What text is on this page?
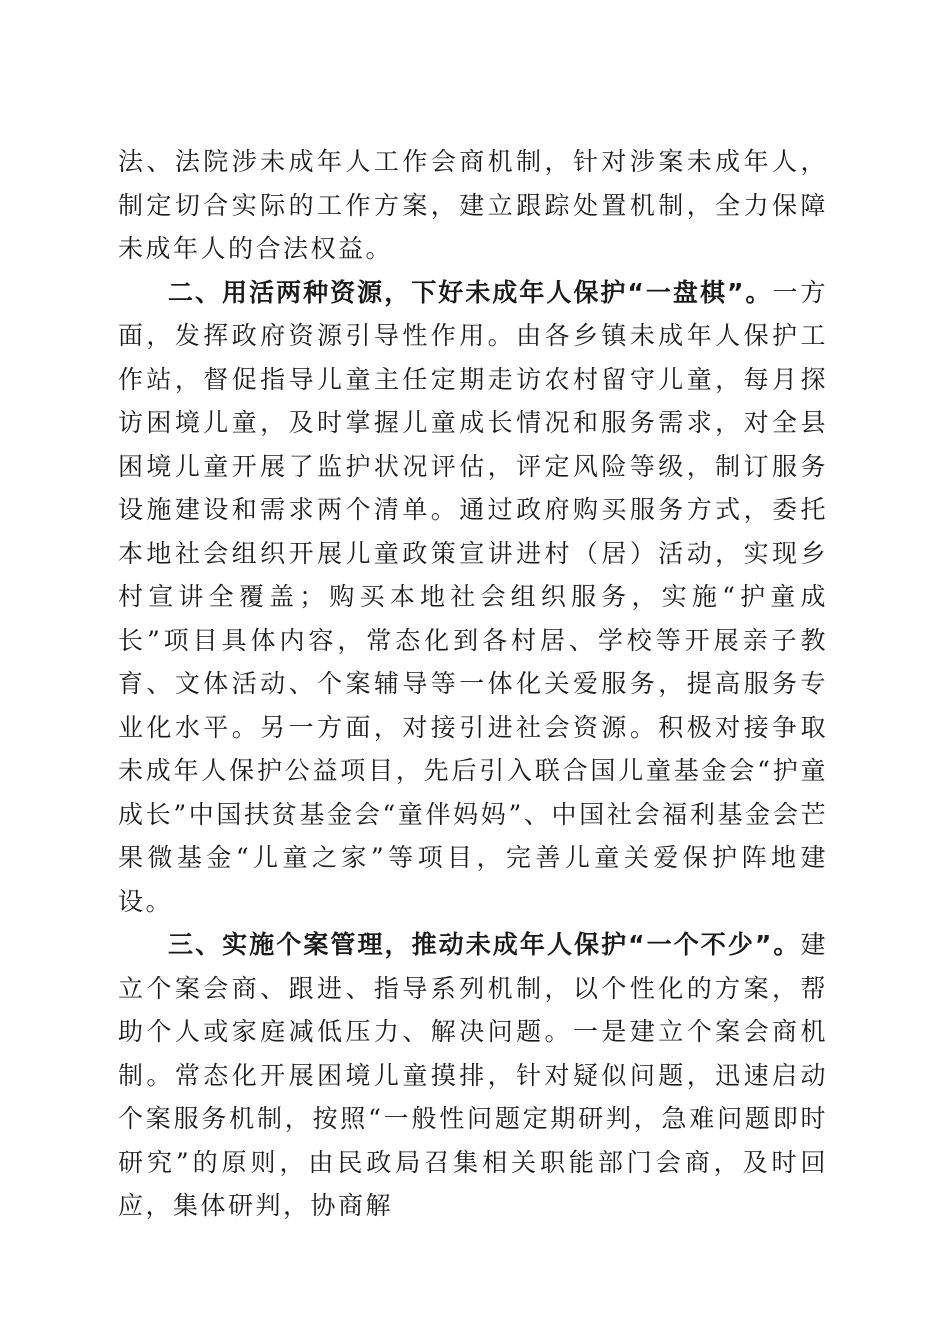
法、法院涉未成年人工作会商机制，针对涉案未成年人，制定切合实际的工作方案，建立跟踪处置机制，全力保障未成年人的合法权益。

二、用活两种资源，下好未成年人保护“一盘棋”。一方面，发挥政府资源引导性作用。由各乡镇未成年人保护工作站，督促指导儿童主任定期走访农村留守儿童，每月探访困境儿童，及时掌握儿童成长情况和服务需求，对全县困境儿童开展了监护状况评估，评定风险等级，制订服务设施建设和需求两个清单。通过政府购买服务方式，委托本地社会组织开展儿童政策宣讲进村（居）活动，实现乡村宣讲全覆盖；购买本地社会组织服务，实施“护童成长”项目具体内容，常态化到各村居、学校等开展亲子教育、文体活动、个案辅导等一体化关爱服务，提高服务专业化水平。另一方面，对接引进社会资源。积极对接争取未成年人保护公益项目，先后引入联合国儿童基金会“护童成长”中国扶贫基金会“童伴妈妈”、中国社会福利基金会芒果微基金“儿童之家”等项目，完善儿童关爱保护阵地建设。

三、实施个案管理，推动未成年人保护“一个不少”。建立个案会商、跟进、指导系列机制，以个性化的方案，帮助个人或家庭减低压力、解决问题。一是建立个案会商机制。常态化开展困境儿童摸排，针对疑似问题，迅速启动个案服务机制，按照“一般性问题定期研判，急难问题即时研究”的原则，由民政局召集相关职能部门会商，及时回应，集体研判，协商解
